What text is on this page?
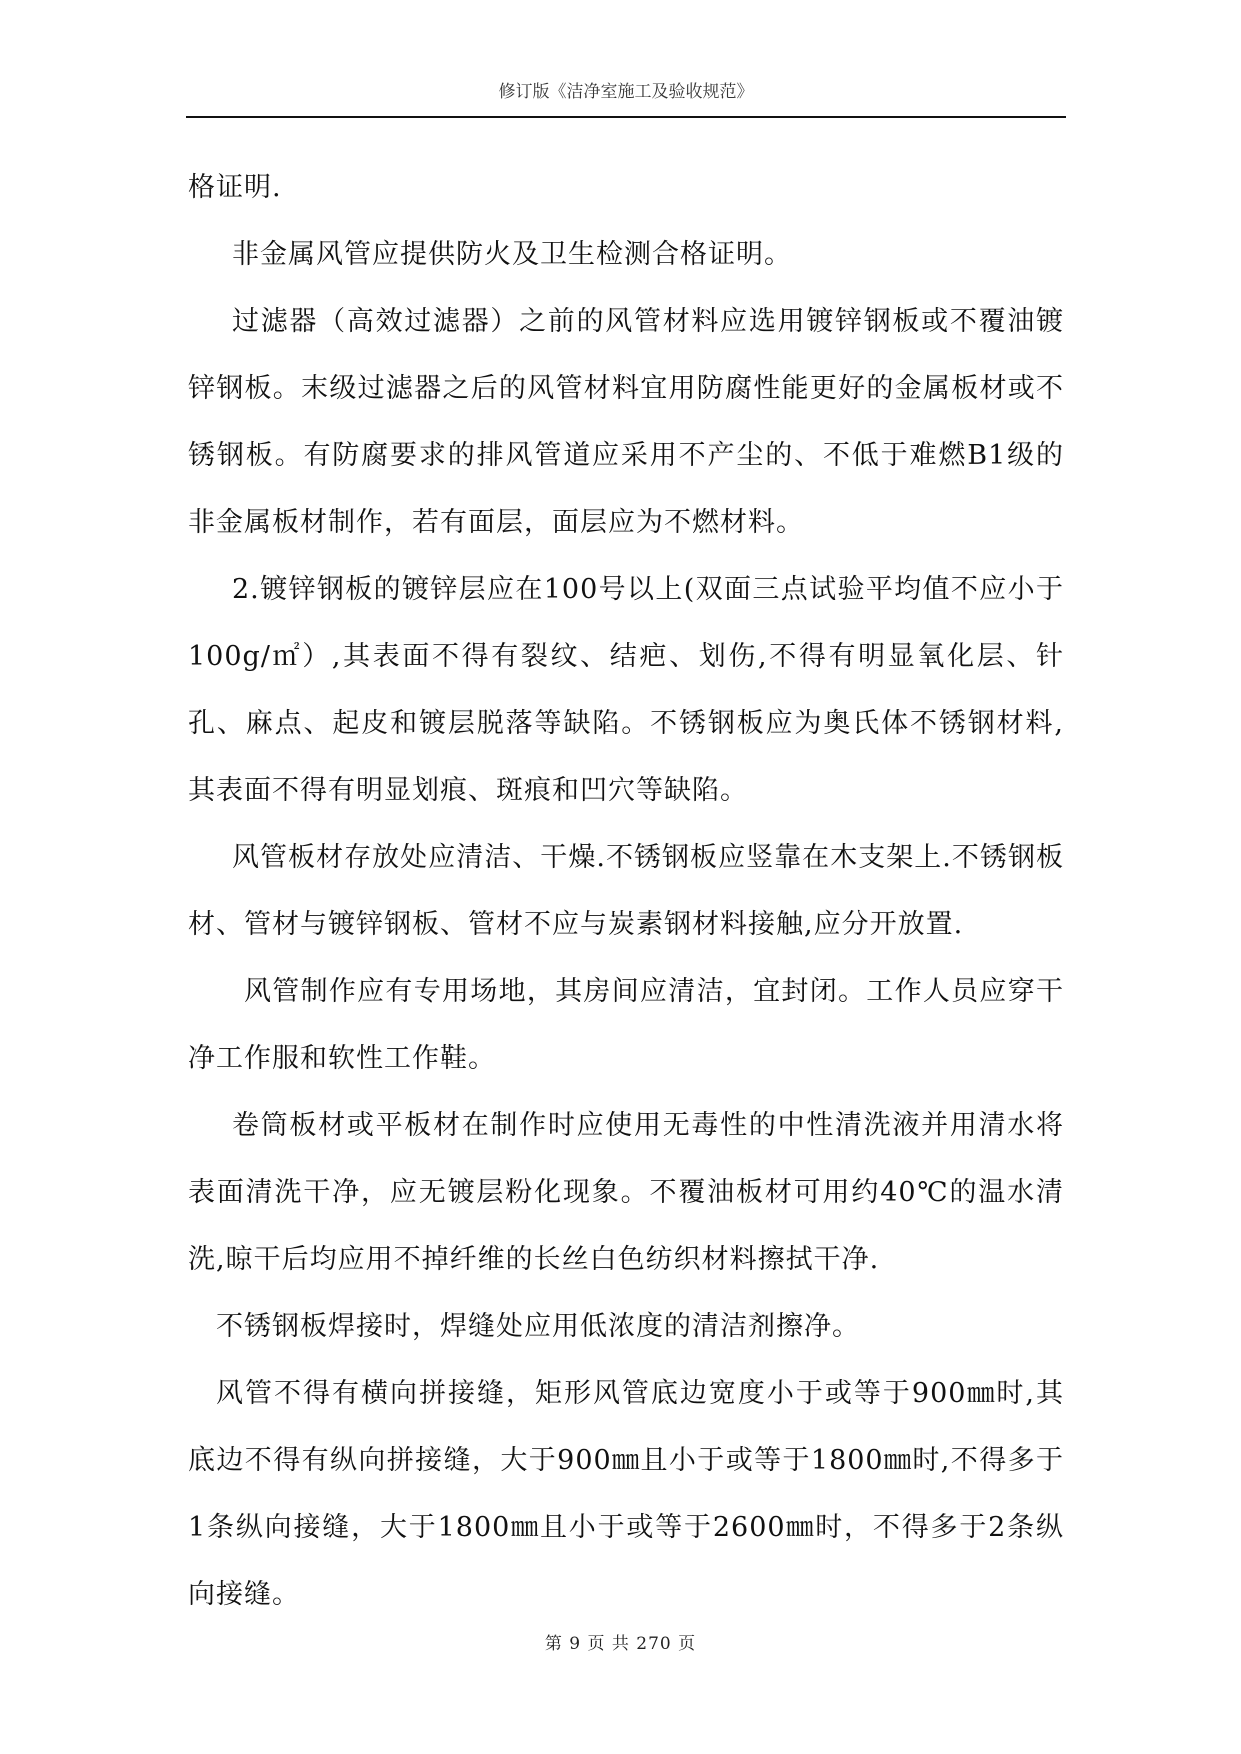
修订版《洁净室施工及验收规范》

格证明.

非金属风管应提供防火及卫生检测合格证明。

过滤器（高效过滤器）之前的风管材料应选用镀锌钢板或不覆油镀锌钢板。末级过滤器之后的风管材料宜用防腐性能更好的金属板材或不锈钢板。有防腐要求的排风管道应采用不产尘的、不低于难燃B1级的非金属板材制作，若有面层，面层应为不燃材料。

2.镀锌钢板的镀锌层应在100号以上(双面三点试验平均值不应小于100g/㎡）,其表面不得有裂纹、结疤、划伤,不得有明显氧化层、针孔、麻点、起皮和镀层脱落等缺陷。不锈钢板应为奥氏体不锈钢材料,其表面不得有明显划痕、斑痕和凹穴等缺陷。

风管板材存放处应清洁、干燥.不锈钢板应竖靠在木支架上.不锈钢板材、管材与镀锌钢板、管材不应与炭素钢材料接触,应分开放置.

风管制作应有专用场地，其房间应清洁，宜封闭。工作人员应穿干净工作服和软性工作鞋。

卷筒板材或平板材在制作时应使用无毒性的中性清洗液并用清水将表面清洗干净，应无镀层粉化现象。不覆油板材可用约40℃的温水清洗,晾干后均应用不掉纤维的长丝白色纺织材料擦拭干净.

不锈钢板焊接时，焊缝处应用低浓度的清洁剂擦净。

风管不得有横向拼接缝，矩形风管底边宽度小于或等于900㎜时,其底边不得有纵向拼接缝，大于900㎜且小于或等于1800㎜时,不得多于1条纵向接缝，大于1800㎜且小于或等于2600㎜时，不得多于2条纵向接缝。

第 9 页 共 270 页
